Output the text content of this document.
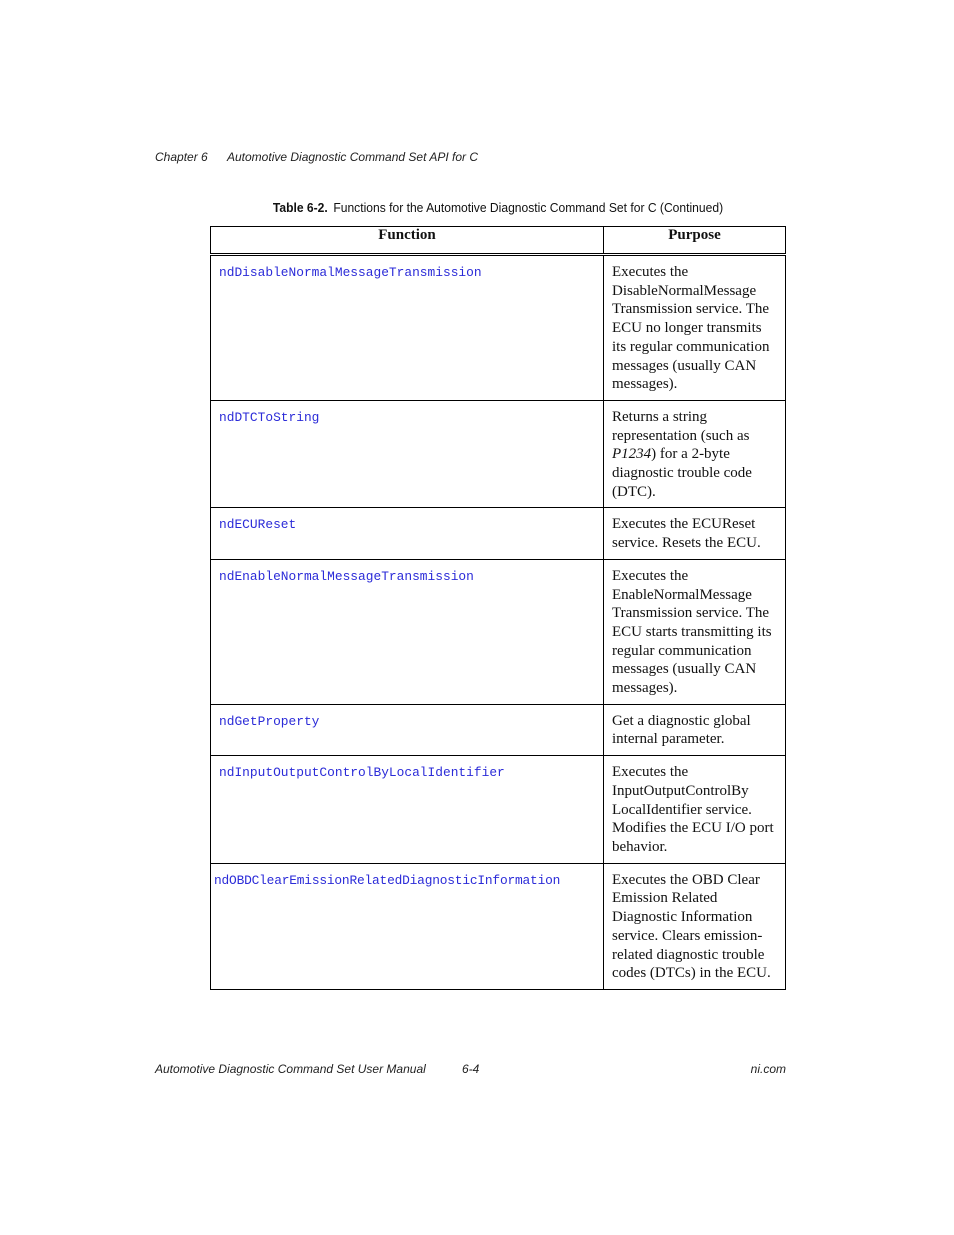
Chapter 6 Automotive Diagnostic Command Set API for C
Table 6-2. Functions for the Automotive Diagnostic Command Set for C (Continued)
Function	Purpose
ndDisableNormalMessageTransmission	Executes the DisableNormalMessage Transmission service. The ECU no longer transmits its regular communication messages (usually CAN messages).
ndDTCToString	Returns a string representation (such as P1234) for a 2-byte diagnostic trouble code (DTC).
ndECUReset	Executes the ECUReset service. Resets the ECU.
ndEnableNormalMessageTransmission	Executes the EnableNormalMessage Transmission service. The ECU starts transmitting its regular communication messages (usually CAN messages).
ndGetProperty	Get a diagnostic global internal parameter.
ndInputOutputControlByLocalIdentifier	Executes the InputOutputControlBy LocalIdentifier service. Modifies the ECU I/O port behavior.
ndOBDClearEmissionRelatedDiagnosticInformation	Executes the OBD Clear Emission Related Diagnostic Information service. Clears emission-related diagnostic trouble codes (DTCs) in the ECU.
Automotive Diagnostic Command Set User Manual	6-4	ni.com
